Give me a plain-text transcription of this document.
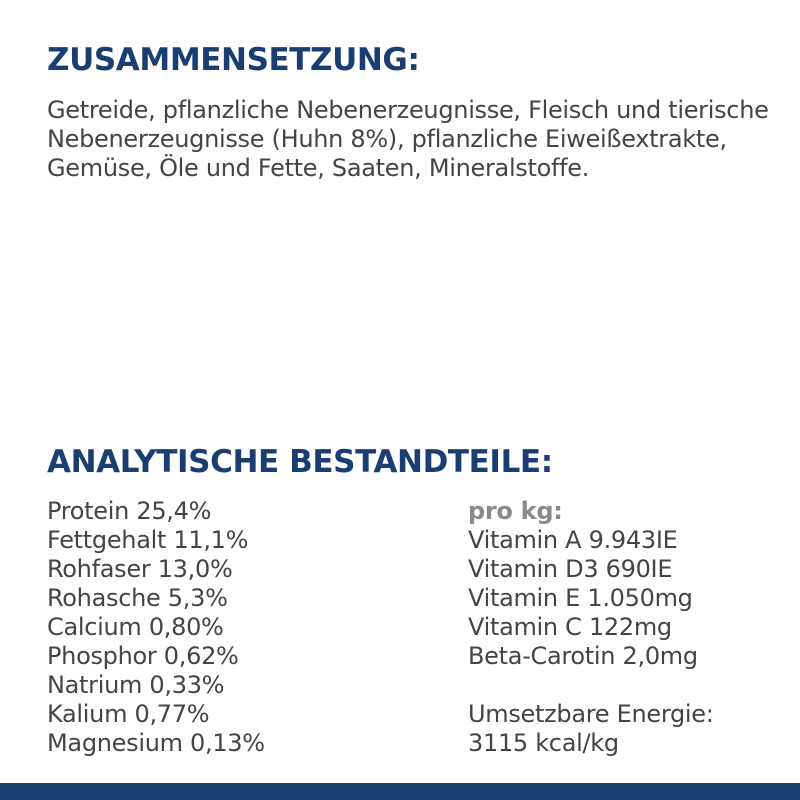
ZUSAMMENSETZUNG:

Getreide, pflanzliche Nebenerzeugnisse, Fleisch und tierische Nebenerzeugnisse (Huhn 8%), pflanzliche Eiweißextrakte, Gemüse, Öle und Fette, Saaten, Mineralstoffe.

ANALYTISCHE BESTANDTEILE:
Protein 25,4%
Fettgehalt 11,1%
Rohfaser 13,0%
Rohasche 5,3%
Calcium 0,80%
Phosphor 0,62%
Natrium 0,33%
Kalium 0,77%
Magnesium 0,13%
pro kg:
Vitamin A 9.943IE
Vitamin D3 690IE
Vitamin E 1.050mg
Vitamin C 122mg
Beta-Carotin 2,0mg
Umsetzbare Energie:
3115 kcal/kg
